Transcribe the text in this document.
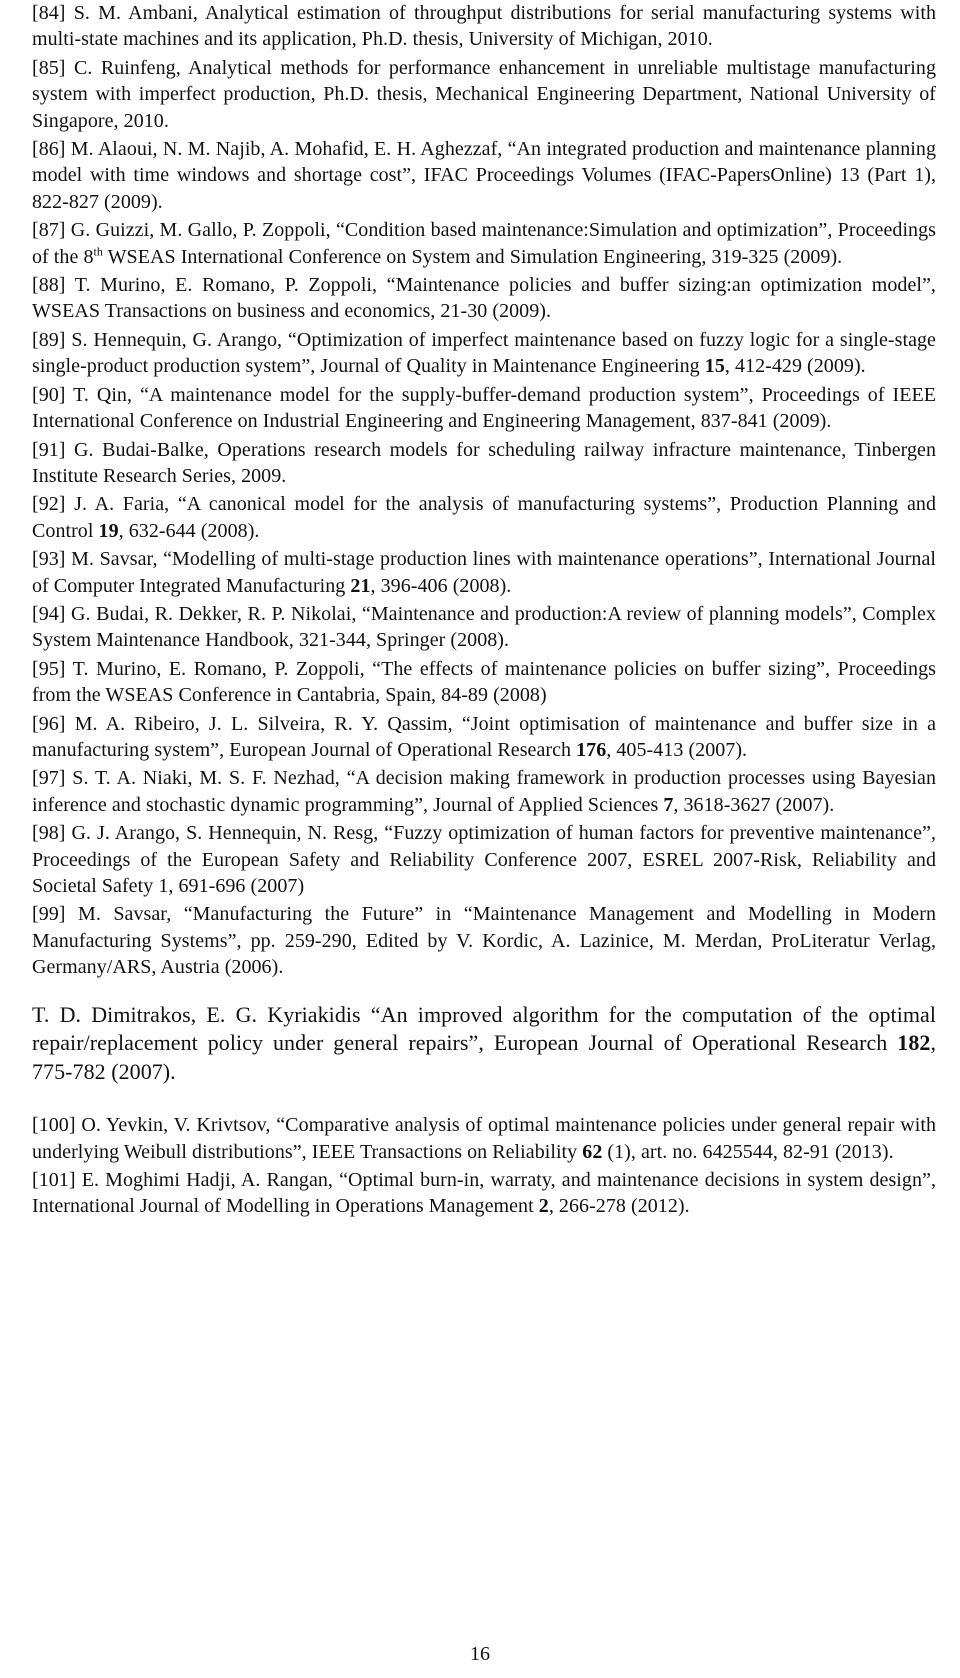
[84] S. M. Ambani, Analytical estimation of throughput distributions for serial manufacturing systems with multi-state machines and its application, Ph.D. thesis, University of Michigan, 2010.

[85] C. Ruinfeng, Analytical methods for performance enhancement in unreliable multistage manufacturing system with imperfect production, Ph.D. thesis, Mechanical Engineering Department, National University of Singapore, 2010.

[86] M. Alaoui, N. M. Najib, A. Mohafid, E. H. Aghezzaf, “An integrated production and maintenance planning model with time windows and shortage cost”, IFAC Proceedings Volumes (IFAC-PapersOnline) 13 (Part 1), 822-827 (2009).

[87] G. Guizzi, M. Gallo, P. Zoppoli, “Condition based maintenance:Simulation and optimization”, Proceedings of the 8th WSEAS International Conference on System and Simulation Engineering, 319-325 (2009).

[88] T. Murino, E. Romano, P. Zoppoli, “Maintenance policies and buffer sizing:an optimization model”, WSEAS Transactions on business and economics, 21-30 (2009).

[89] S. Hennequin, G. Arango, “Optimization of imperfect maintenance based on fuzzy logic for a single-stage single-product production system”, Journal of Quality in Maintenance Engineering 15, 412-429 (2009).

[90] T. Qin, “A maintenance model for the supply-buffer-demand production system”, Proceedings of IEEE International Conference on Industrial Engineering and Engineering Management, 837-841 (2009).

[91] G. Budai-Balke, Operations research models for scheduling railway infracture maintenance, Tinbergen Institute Research Series, 2009.

[92] J. A. Faria, “A canonical model for the analysis of manufacturing systems”, Production Planning and Control 19, 632-644 (2008).

[93] M. Savsar, “Modelling of multi-stage production lines with maintenance operations”, International Journal of Computer Integrated Manufacturing 21, 396-406 (2008).

[94] G. Budai, R. Dekker, R. P. Nikolai, “Maintenance and production:A review of planning models”, Complex System Maintenance Handbook, 321-344, Springer (2008).

[95] T. Murino, E. Romano, P. Zoppoli, “The effects of maintenance policies on buffer sizing”, Proceedings from the WSEAS Conference in Cantabria, Spain, 84-89 (2008)

[96] M. A. Ribeiro, J. L. Silveira, R. Y. Qassim, “Joint optimisation of maintenance and buffer size in a manufacturing system”, European Journal of Operational Research 176, 405-413 (2007).

[97] S. T. A. Niaki, M. S. F. Nezhad, “A decision making framework in production processes using Bayesian inference and stochastic dynamic programming”, Journal of Applied Sciences 7, 3618-3627 (2007).

[98] G. J. Arango, S. Hennequin, N. Resg, “Fuzzy optimization of human factors for preventive maintenance”, Proceedings of the European Safety and Reliability Conference 2007, ESREL 2007-Risk, Reliability and Societal Safety 1, 691-696 (2007)

[99] M. Savsar, “Manufacturing the Future” in “Maintenance Management and Modelling in Modern Manufacturing Systems”, pp. 259-290, Edited by V. Kordic, A. Lazinice, M. Merdan, ProLiteratur Verlag, Germany/ARS, Austria (2006).

T. D. Dimitrakos, E. G. Kyriakidis “An improved algorithm for the computation of the optimal repair/replacement policy under general repairs”, European Journal of Operational Research 182, 775-782 (2007).

[100] O. Yevkin, V. Krivtsov, “Comparative analysis of optimal maintenance policies under general repair with underlying Weibull distributions”, IEEE Transactions on Reliability 62 (1), art. no. 6425544, 82-91 (2013).

[101] E. Moghimi Hadji, A. Rangan, “Optimal burn-in, warraty, and maintenance decisions in system design”, International Journal of Modelling in Operations Management 2, 266-278 (2012).

16
